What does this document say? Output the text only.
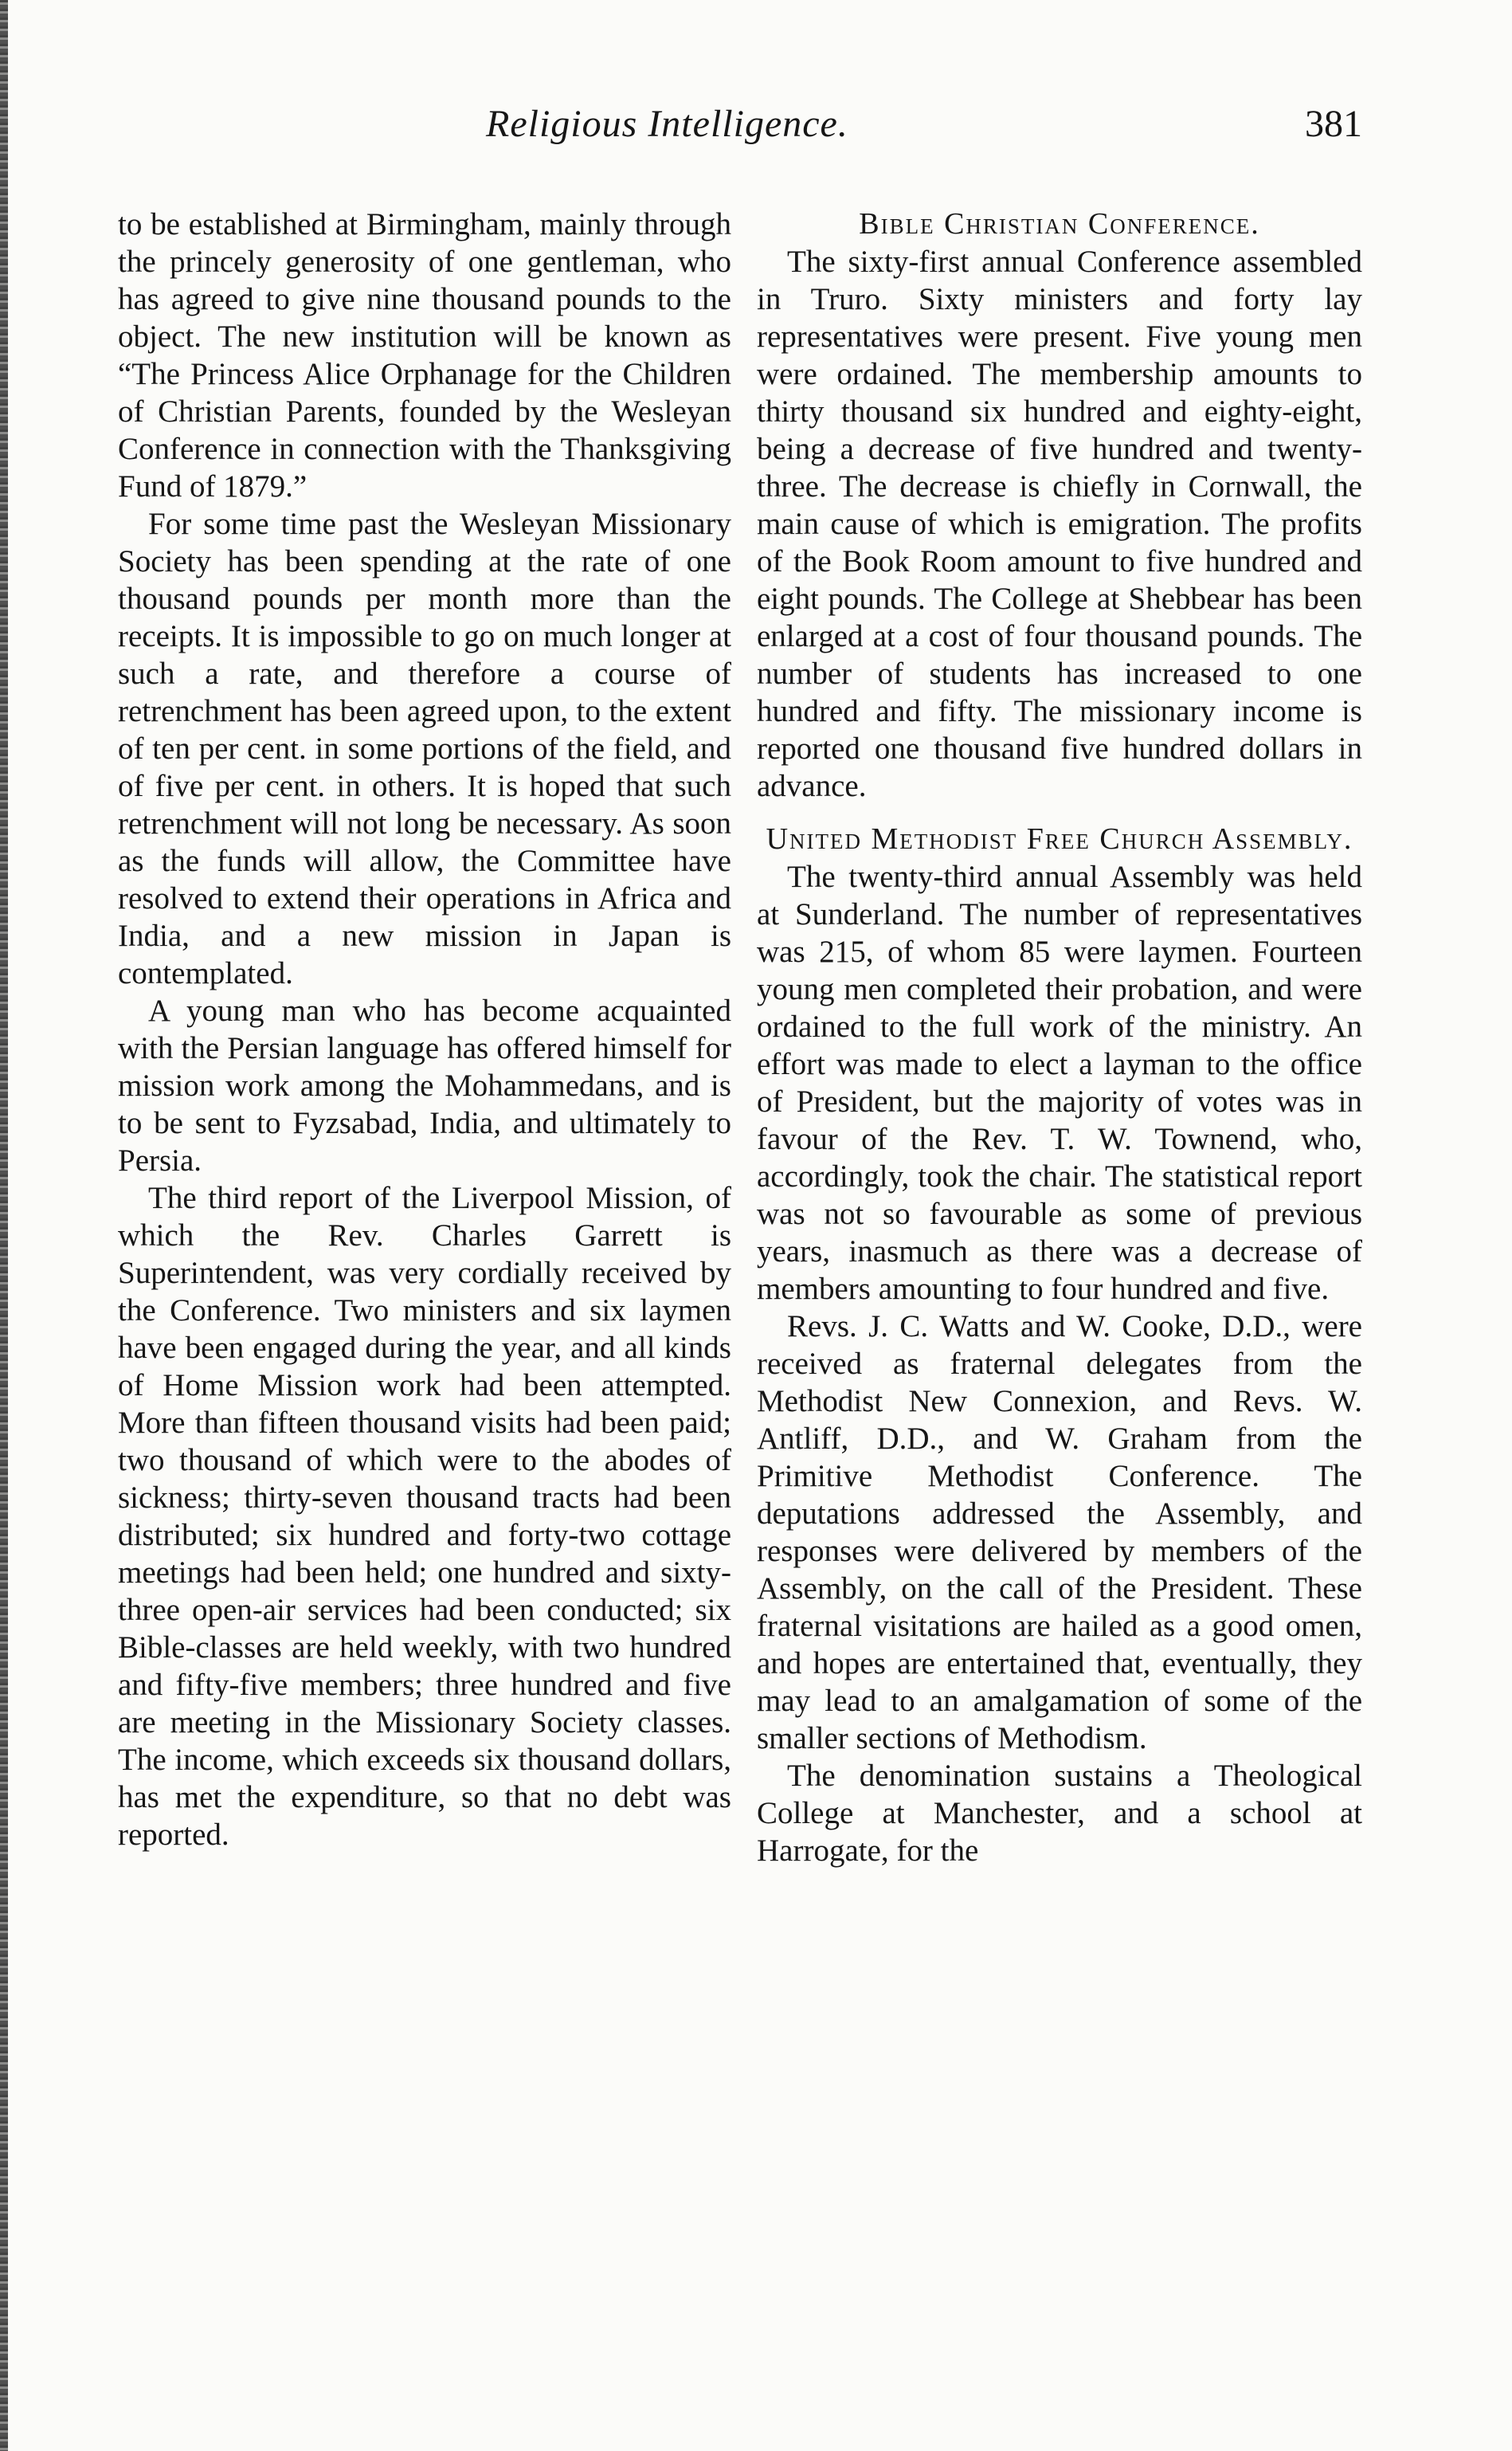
Religious Intelligence.	381

to be established at Birmingham, mainly through the princely generosity of one gentleman, who has agreed to give nine thousand pounds to the object. The new institution will be known as “The Princess Alice Orphanage for the Children of Christian Parents, founded by the Wesleyan Conference in connection with the Thanksgiving Fund of 1879.”

For some time past the Wesleyan Missionary Society has been spending at the rate of one thousand pounds per month more than the receipts. It is impossible to go on much longer at such a rate, and therefore a course of retrenchment has been agreed upon, to the extent of ten per cent. in some portions of the field, and of five per cent. in others. It is hoped that such retrenchment will not long be necessary. As soon as the funds will allow, the Committee have resolved to extend their operations in Africa and India, and a new mission in Japan is contemplated.

A young man who has become acquainted with the Persian language has offered himself for mission work among the Mohammedans, and is to be sent to Fyzsabad, India, and ultimately to Persia.

The third report of the Liverpool Mission, of which the Rev. Charles Garrett is Superintendent, was very cordially received by the Conference. Two ministers and six laymen have been engaged during the year, and all kinds of Home Mission work had been attempted. More than fifteen thousand visits had been paid; two thousand of which were to the abodes of sickness; thirty-seven thousand tracts had been distributed; six hundred and forty-two cottage meetings had been held; one hundred and sixty-three open-air services had been conducted; six Bible-classes are held weekly, with two hundred and fifty-five members; three hundred and five are meeting in the Missionary Society classes. The income, which exceeds six thousand dollars, has met the expenditure, so that no debt was reported.

Bible Christian Conference.

The sixty-first annual Conference assembled in Truro. Sixty ministers and forty lay representatives were present. Five young men were ordained. The membership amounts to thirty thousand six hundred and eighty-eight, being a decrease of five hundred and twenty-three. The decrease is chiefly in Cornwall, the main cause of which is emigration. The profits of the Book Room amount to five hundred and eight pounds. The College at Shebbear has been enlarged at a cost of four thousand pounds. The number of students has increased to one hundred and fifty. The missionary income is reported one thousand five hundred dollars in advance.

United Methodist Free Church Assembly.

The twenty-third annual Assembly was held at Sunderland. The number of representatives was 215, of whom 85 were laymen. Fourteen young men completed their probation, and were ordained to the full work of the ministry. An effort was made to elect a layman to the office of President, but the majority of votes was in favour of the Rev. T. W. Townend, who, accordingly, took the chair. The statistical report was not so favourable as some of previous years, inasmuch as there was a decrease of members amounting to four hundred and five.

Revs. J. C. Watts and W. Cooke, D.D., were received as fraternal delegates from the Methodist New Connexion, and Revs. W. Antliff, D.D., and W. Graham from the Primitive Methodist Conference. The deputations addressed the Assembly, and responses were delivered by members of the Assembly, on the call of the President. These fraternal visitations are hailed as a good omen, and hopes are entertained that, eventually, they may lead to an amalgamation of some of the smaller sections of Methodism.

The denomination sustains a Theological College at Manchester, and a school at Harrogate, for the
